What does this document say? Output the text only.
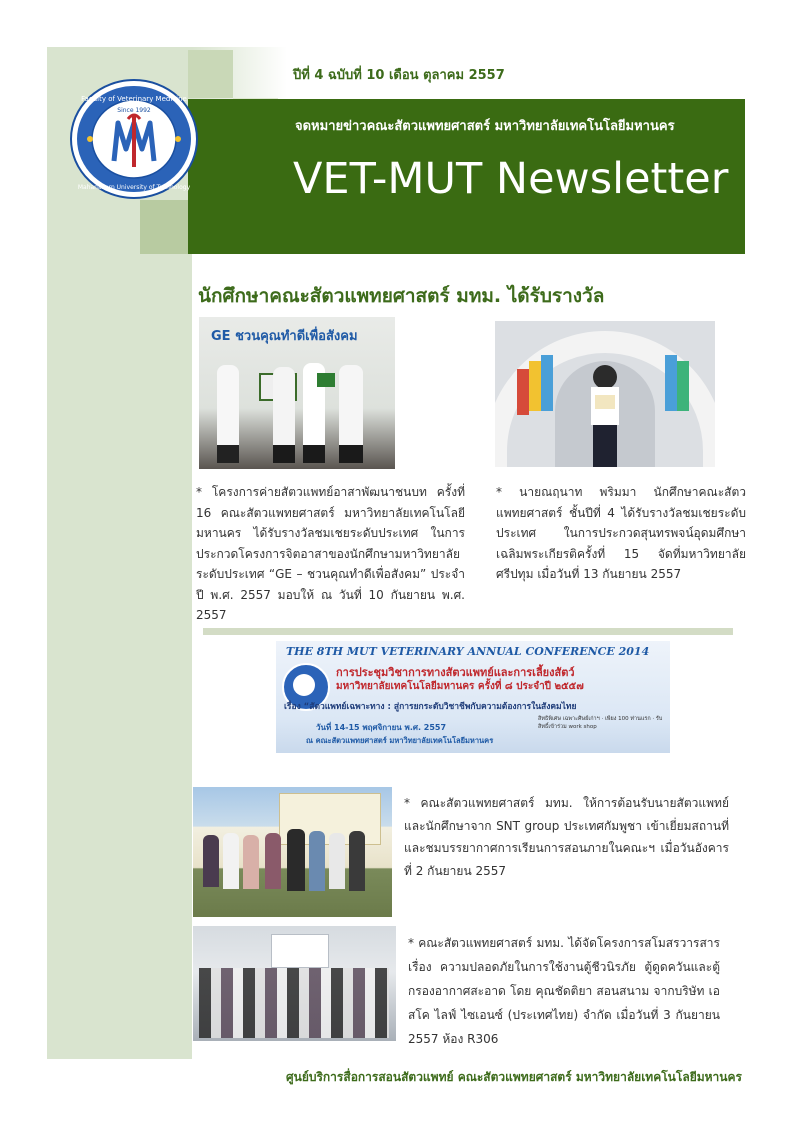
ปีที่ 4 ฉบับที่ 10 เดือน ตุลาคม 2557
จดหมายข่าวคณะสัตวแพทยศาสตร์ มหาวิทยาลัยเทคโนโลยีมหานคร
VET-MUT Newsletter
Faculty of Veterinary Medicine
Mahanakorn University of Technology
Since 1992
นักศึกษาคณะสัตวแพทยศาสตร์ มทม. ได้รับรางวัล
GE ชวนคุณทำดีเพื่อสังคม
* โครงการค่ายสัตวแพทย์อาสาพัฒนาชนบท ครั้งที่ 16 คณะสัตวแพทยศาสตร์ มหาวิทยาลัยเทคโนโลยีมหานคร ได้รับรางวัลชมเชยระดับประเทศ ในการประกวดโครงการจิตอาสาของนักศึกษามหาวิทยาลัย ระดับประเทศ “GE – ชวนคุณทำดีเพื่อสังคม” ประจำปี พ.ศ. 2557 มอบให้ ณ วันที่ 10 กันยายน พ.ศ. 2557
* นายณฤนาท พริมมา นักศึกษาคณะสัตวแพทยศาสตร์ ชั้นปีที่ 4 ได้รับรางวัลชมเชยระดับประเทศ ในการประกวดสุนทรพจน์อุดมศึกษาเฉลิมพระเกียรติครั้งที่ 15 จัดที่มหาวิทยาลัยศรีปทุม เมื่อวันที่ 13 กันยายน 2557
THE 8TH MUT VETERINARY ANNUAL CONFERENCE 2014
การประชุมวิชาการทางสัตวแพทย์และการเลี้ยงสัตว์
มหาวิทยาลัยเทคโนโลยีมหานคร ครั้งที่ ๘ ประจำปี ๒๕๕๗
เรื่อง “สัตวแพทย์เฉพาะทาง : สู่การยกระดับวิชาชีพกับความต้องการในสังคมไทย
วันที่ 14-15 พฤศจิกายน พ.ศ. 2557
ณ คณะสัตวแพทยศาสตร์ มหาวิทยาลัยเทคโนโลยีมหานคร
สิทธิพิเศษ เฉพาะศิษย์เก่าฯ · เพียง 100 ท่านแรก · รับสิทธิ์เข้าร่วม work shop
* คณะสัตวแพทยศาสตร์ มทม. ให้การต้อนรับนายสัตวแพทย์และนักศึกษาจาก SNT group ประเทศกัมพูชา เข้าเยี่ยมสถานที่ และชมบรรยากาศการเรียนการสอนภายในคณะฯ เมื่อวันอังคารที่ 2 กันยายน 2557
* คณะสัตวแพทยศาสตร์ มทม. ได้จัดโครงการสโมสรวารสาร เรื่อง ความปลอดภัยในการใช้งานตู้ชีวนิรภัย ตู้ดูดควันและตู้กรองอากาศสะอาด โดย คุณชัดติยา สอนสนาม จากบริษัท เอสโค ไลฟ์ ไซเอนซ์ (ประเทศไทย) จำกัด เมื่อวันที่ 3 กันยายน 2557 ห้อง R306
ศูนย์บริการสื่อการสอนสัตวแพทย์ คณะสัตวแพทยศาสตร์ มหาวิทยาลัยเทคโนโลยีมหานคร
